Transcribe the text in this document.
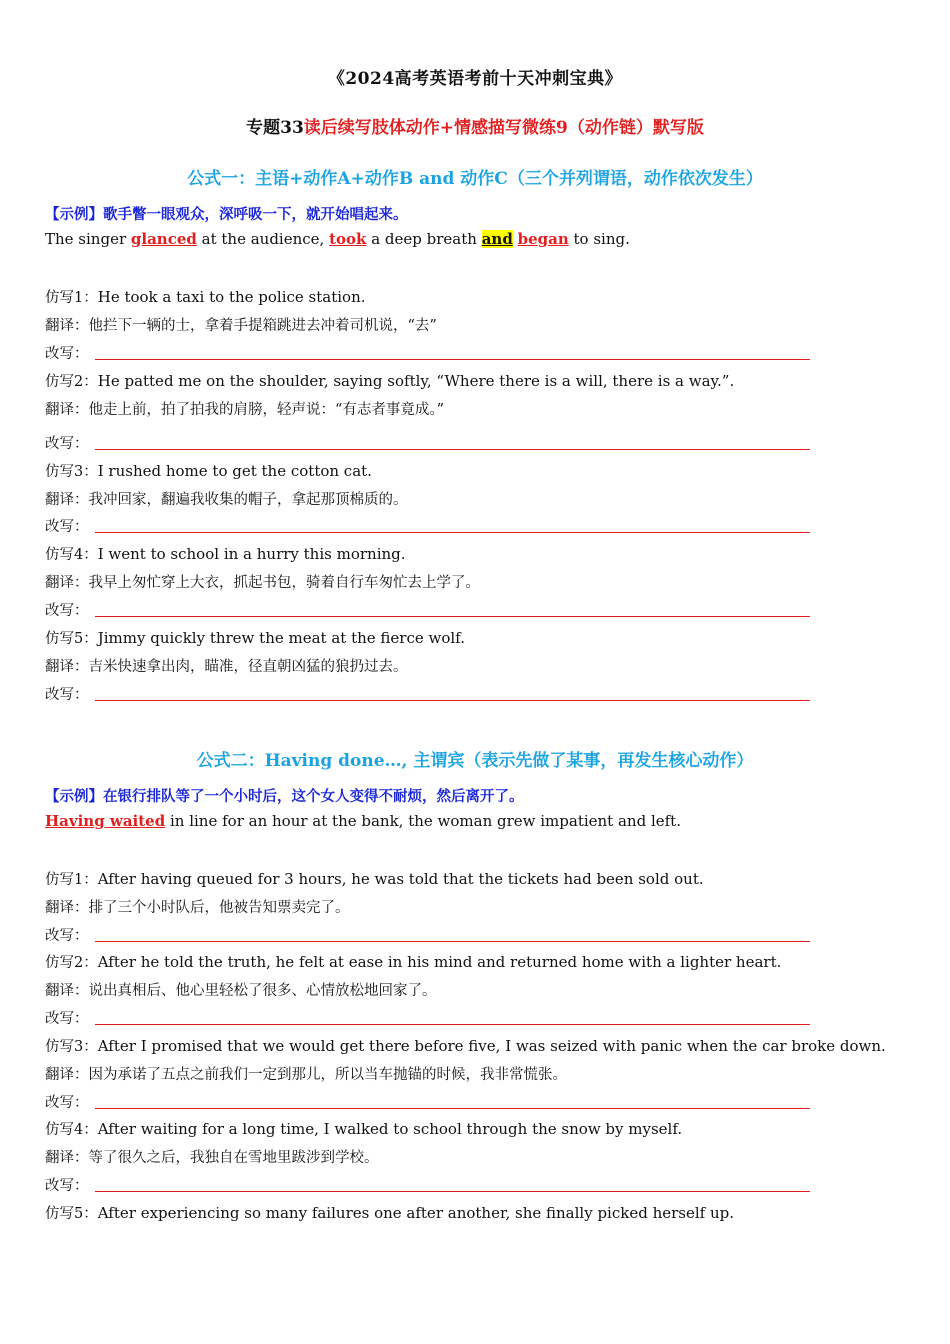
《2024高考英语考前十天冲刺宝典》
专题33读后续写肢体动作+情感描写微练9（动作链）默写版
公式一：主语+动作A+动作B and 动作C（三个并列谓语，动作依次发生）
【示例】歌手瞥一眼观众，深呼吸一下，就开始唱起来。
The singer glanced at the audience, took a deep breath and began to sing.
仿写1：He took a taxi to the police station.
翻译：他拦下一辆的士，拿着手提箱跳进去冲着司机说，“去”
改写：
仿写2：He patted me on the shoulder, saying softly, “Where there is a will, there is a way.”.
翻译：他走上前，拍了拍我的肩膀，轻声说：“有志者事竟成。”
改写：
仿写3：I rushed home to get the cotton cat.
翻译：我冲回家，翻遍我收集的帽子，拿起那顶棉质的。
改写：
仿写4：I went to school in a hurry this morning.
翻译：我早上匆忙穿上大衣，抓起书包，骑着自行车匆忙去上学了。
改写：
仿写5：Jimmy quickly threw the meat at the fierce wolf.
翻译：吉米快速拿出肉，瞄准，径直朝凶猛的狼扔过去。
改写：
公式二：Having done…, 主谓宾（表示先做了某事，再发生核心动作）
【示例】在银行排队等了一个小时后，这个女人变得不耐烦，然后离开了。
Having waited in line for an hour at the bank, the woman grew impatient and left.
仿写1：After having queued for 3 hours, he was told that the tickets had been sold out.
翻译：排了三个小时队后，他被告知票卖完了。
改写：
仿写2：After he told the truth, he felt at ease in his mind and returned home with a lighter heart.
翻译：说出真相后、他心里轻松了很多、心情放松地回家了。
改写：
仿写3：After I promised that we would get there before five, I was seized with panic when the car broke down.
翻译：因为承诺了五点之前我们一定到那儿，所以当车抛锚的时候，我非常慌张。
改写：
仿写4：After waiting for a long time, I walked to school through the snow by myself.
翻译：等了很久之后，我独自在雪地里跋涉到学校。
改写：
仿写5：After experiencing so many failures one after another, she finally picked herself up.
